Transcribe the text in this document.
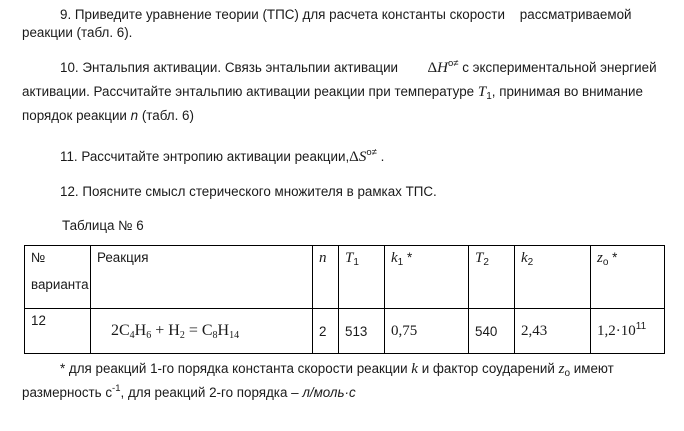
9. Приведите уравнение теории (ТПС) для расчета константы скорости    рассматриваемой
реакции (табл. 6).
10. Энтальпия активации. Связь энтальпии активации $\Delta H^{o\ne}$ с экспериментальной энергией
активации. Рассчитайте энтальпию активации реакции при температуре $T_1$, принимая во внимание
порядок реакции n (табл. 6)
11. Рассчитайте энтропию активации $реакции,\Delta S^{o\ne}$ .
12. Поясните смысл стерического множителя в рамках ТПС.
Таблица № 6
№
варианта	Реакция	n	$T_1$	$k_1$ *	$T_2$	$k_2$	$z_o$ *
12	2C4H6 + H2 = C8H14	2	513	0,75	540	2,43	$1,2\cdot 10^{11}$
* для реакций 1-го порядка константа скорости реакции k и фактор соударений $z_o$ имеют
размерность $с^{-1}$, для реакций 2-го порядка – л/моль·с
